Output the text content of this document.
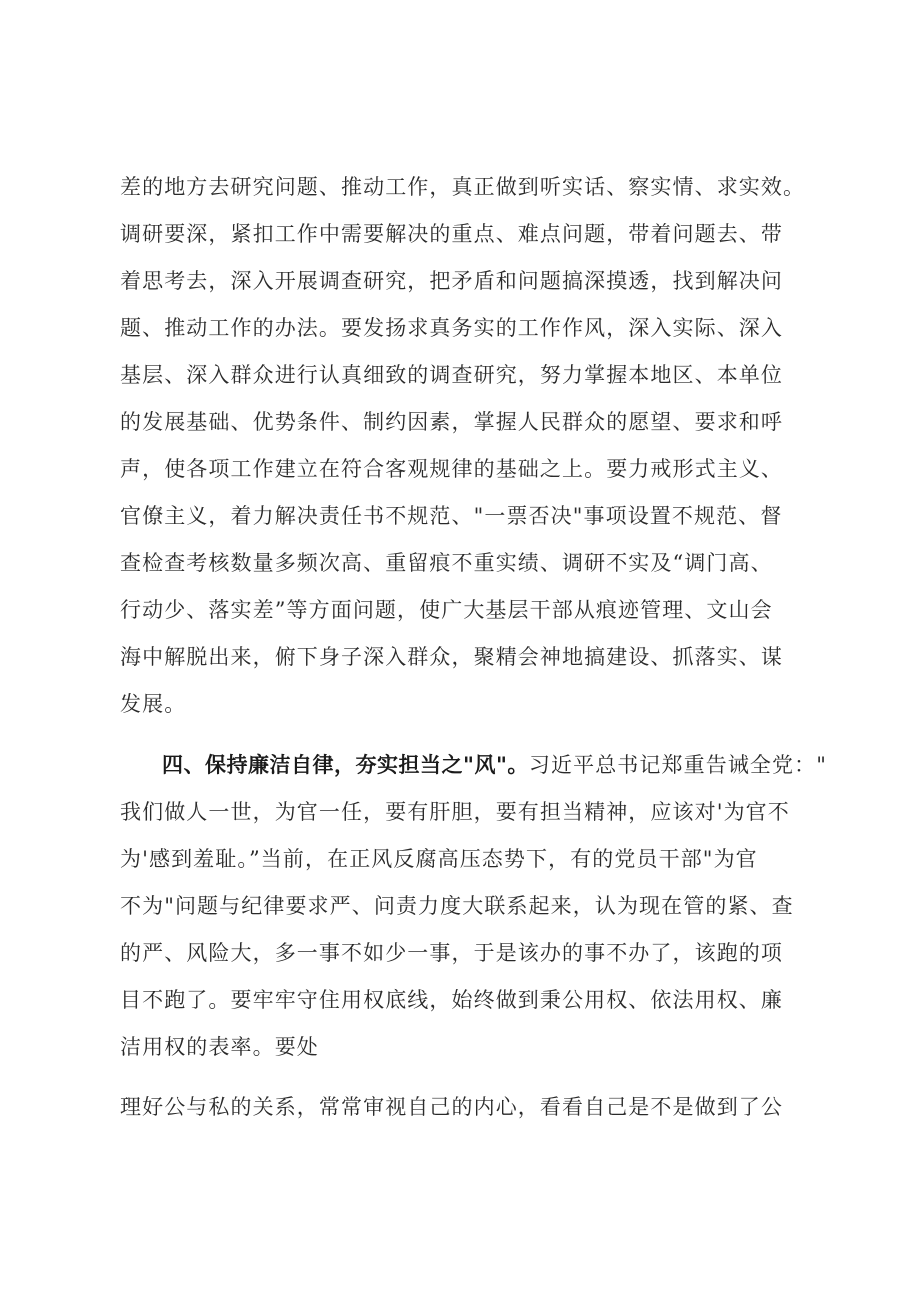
差的地方去研究问题、推动工作，真正做到听实话、察实情、求实效。
调研要深，紧扣工作中需要解决的重点、难点问题，带着问题去、带
着思考去，深入开展调查研究，把矛盾和问题搞深摸透，找到解决问
题、推动工作的办法。要发扬求真务实的工作作风，深入实际、深入
基层、深入群众进行认真细致的调查研究，努力掌握本地区、本单位
的发展基础、优势条件、制约因素，掌握人民群众的愿望、要求和呼
声，使各项工作建立在符合客观规律的基础之上。要力戒形式主义、
官僚主义，着力解决责任书不规范、"一票否决"事项设置不规范、督
查检查考核数量多频次高、重留痕不重实绩、调研不实及“调门高、
行动少、落实差”等方面问题，使广大基层干部从痕迹管理、文山会
海中解脱出来，俯下身子深入群众，聚精会神地搞建设、抓落实、谋
发展。
四、保持廉洁自律，夯实担当之"风"。习近平总书记郑重告诫全党："
我们做人一世，为官一任，要有肝胆，要有担当精神，应该对'为官不
为'感到羞耻。”当前，在正风反腐高压态势下，有的党员干部"为官
不为"问题与纪律要求严、问责力度大联系起来，认为现在管的紧、查
的严、风险大，多一事不如少一事，于是该办的事不办了，该跑的项
目不跑了。要牢牢守住用权底线，始终做到秉公用权、依法用权、廉
洁用权的表率。要处
理好公与私的关系，常常审视自己的内心，看看自己是不是做到了公
